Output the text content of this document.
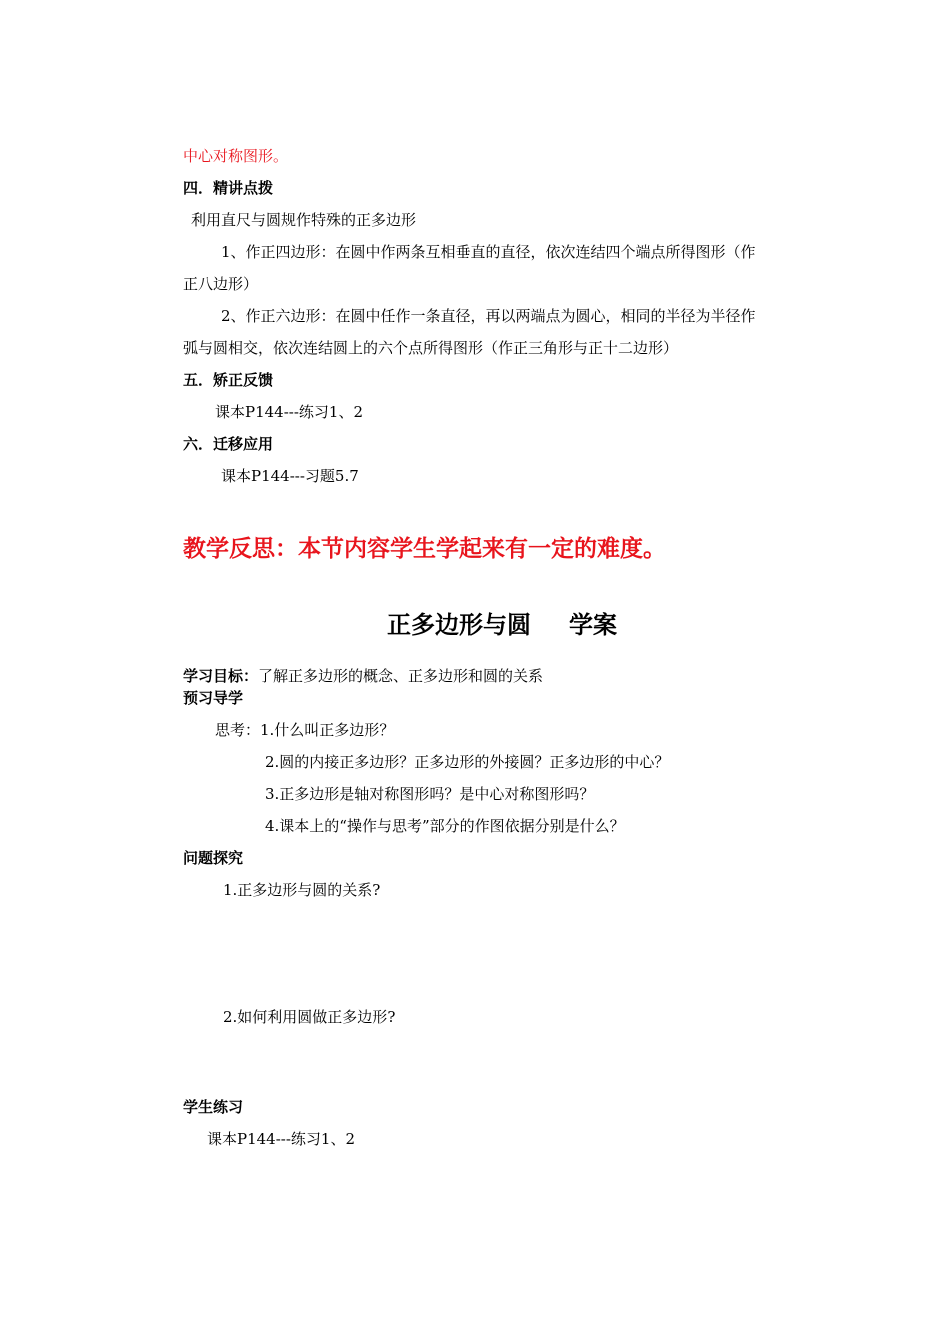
中心对称图形。
四．精讲点拨
利用直尺与圆规作特殊的正多边形
1、作正四边形：在圆中作两条互相垂直的直径，依次连结四个端点所得图形（作
正八边形）
2、作正六边形：在圆中任作一条直径，再以两端点为圆心，相同的半径为半径作
弧与圆相交，依次连结圆上的六个点所得图形（作正三角形与正十二边形）
五．矫正反馈
课本P144---练习1、2
六．迁移应用
课本P144---习题5.7
教学反思：本节内容学生学起来有一定的难度。
正多边形与圆 学案
学习目标：了解正多边形的概念、正多边形和圆的关系
预习导学
思考：1.什么叫正多边形？
2.圆的内接正多边形？正多边形的外接圆？正多边形的中心？
3.正多边形是轴对称图形吗？是中心对称图形吗？
4.课本上的“操作与思考”部分的作图依据分别是什么？
问题探究
1.正多边形与圆的关系?
2.如何利用圆做正多边形?
学生练习
课本P144---练习1、2
